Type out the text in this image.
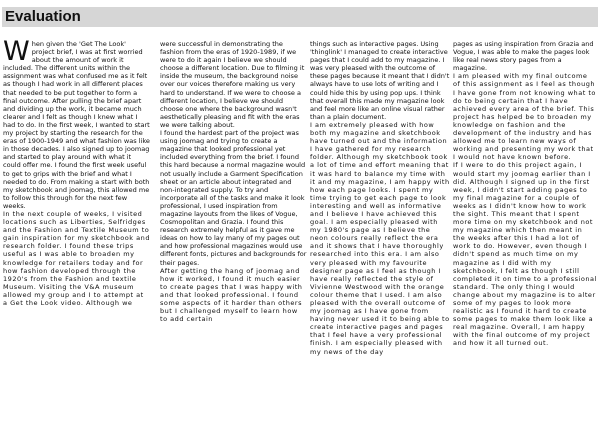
Evaluation

When given the 'Get The Look' project brief, I was at first worried about the amount of work it included. The different units within the assignment was what confused me as it felt as though I had work in all different places that needed to be put together to form a final outcome. After pulling the brief apart and dividing up the work, it became much clearer and I felt as though I knew what I had to do. In the first week, I wanted to start my project by starting the research for the eras of 1900-1949 and what fashion was like in those decades. I also signed up to joomag and started to play around with what it could offer me. I found the first week useful to get to grips with the brief and what I needed to do. From making a start with both my sketchbook and joomag, this allowed me to follow this through for the next few weeks.

In the next couple of weeks, I visited locations such as Liberties, Selfridges and the Fashion and Textile Museum to gain inspiration for my sketchbook and research folder. I found these trips useful as I was able to broaden my knowledge for retailers today and for how fashion developed through the 1920's from the Fashion and textile Museum. Visiting the V&A museum allowed my group and I to attempt at a Get the Look video. Although we

were successful in demonstrating the fashion from the eras of 1920-1989, if we were to do it again I believe we should choose a different location. Due to filming it inside the museum, the background noise over our voices therefore making us very hard to understand. If we were to choose a different location, I believe we should choose one where the background wasn't aesthetically pleasing and fit with the eras we were talking about.

I found the hardest part of the project was using joomag and trying to create a magazine that looked professional yet included everything from the brief. I found this hard because a normal magazine would not usually include a Garment Specification sheet or an article about integrated and non-integrated supply. To try and incorporate all of the tasks and make it look professional, I used inspiration from magazine layouts from the likes of Vogue, Cosmopolitan and Grazia. I found this research extremely helpful as it gave me ideas on how to lay many of my pages out and how professional magazines would use different fonts, pictures and backgrounds for their pages.

After getting the hang of joomag and how it worked, I found it much easier to create pages that I was happy with and that looked professional. I found some aspects of it harder than others but I challenged myself to learn how to add certain

things such as interactive pages. Using 'thinglink' I managed to create interactive pages that I could add to my magazine. I was very pleased with the outcome of these pages because it meant that I didn't always have to use lots of writing and I could hide this by using pop ups. I think that overall this made my magazine look and feel more like an online visual rather than a plain document.

I am extremely pleased with how both my magazine and sketchbook have turned out and the information I have gathered for my research folder. Although my sketchbook took a lot of time and effort meaning that it was hard to balance my time with it and my magazine, I am happy with how each page looks. I spent my time trying to get each page to look interesting and well as informative and I believe I have achieved this goal. I am especially pleased with my 1980's page as I believe the neon colours really reflect the era and it shows that I have thoroughly researched into this era. I am also very pleased with my favourite designer page as I feel as though I have really reflected the style of Vivienne Westwood with the orange colour theme that I used. I am also pleased with the overall outcome of my joomag as I have gone from having never used it to being able to create interactive pages and pages that I feel have a very professional finish. I am especially pleased with my news of the day

pages as using inspiration from Grazia and Vogue, I was able to make the pages look like real news story pages from a magazine.

I am pleased with my final outcome of this assignment as I feel as though I have gone from not knowing what to do to being certain that I have achieved every area of the brief. This project has helped be to broaden my knowledge on fashion and the development of the industry and has allowed me to learn new ways of working and presenting my work that I would not have known before.

If I were to do this project again, I would start my joomag earlier than I did. Although I signed up in the first week, I didn't start adding pages to my final magazine for a couple of weeks as I didn't know how to work the sight. This meant that I spent more time on my sketchbook and not my magazine which then meant in the weeks after this I had a lot of work to do. However, even though I didn't spend as much time on my magazine as I did with my sketchbook, I felt as though I still completed it on time to a professional standard. The only thing I would change about my magazine is to alter some of my pages to look more realistic as I found it hard to create some pages to make them look like a real magazine. Overall, I am happy with the final outcome of my project and how it all turned out.
